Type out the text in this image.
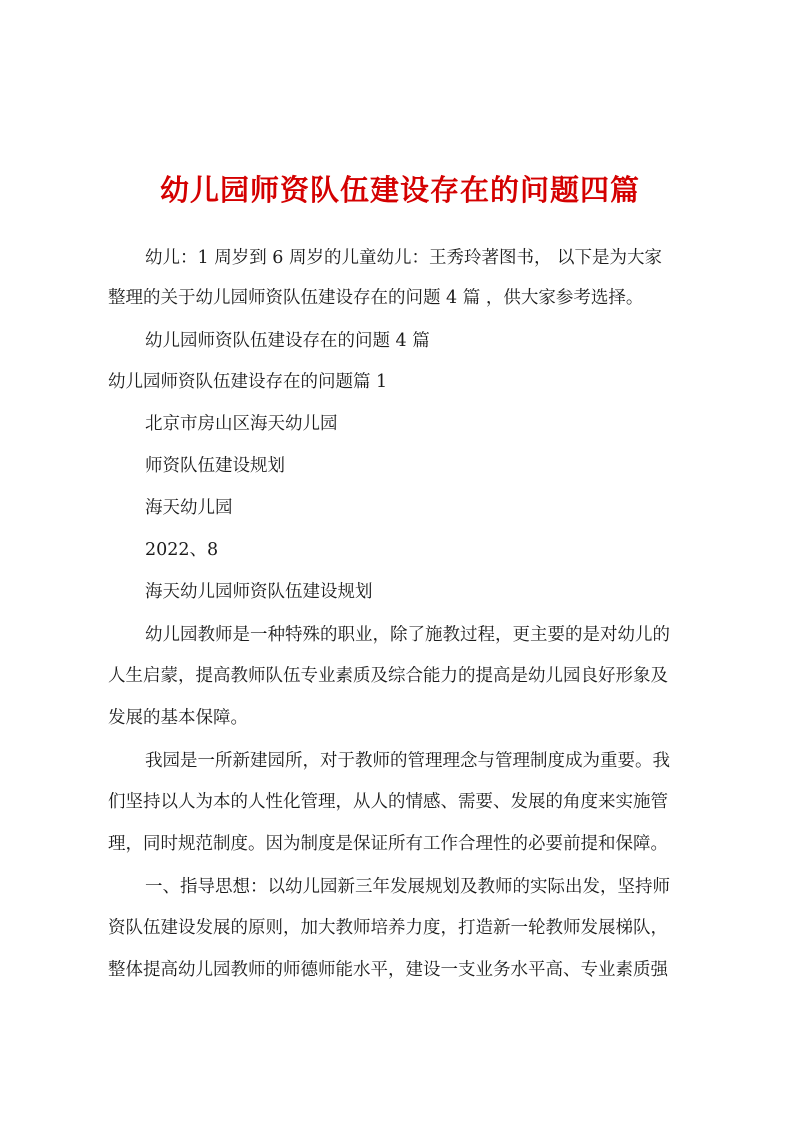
幼儿园师资队伍建设存在的问题四篇
幼儿：1 周岁到 6 周岁的儿童幼儿：王秀玲著图书， 以下是为大家
整理的关于幼儿园师资队伍建设存在的问题 4 篇 ，供大家参考选择。
幼儿园师资队伍建设存在的问题 4 篇
幼儿园师资队伍建设存在的问题篇 1
北京市房山区海天幼儿园
师资队伍建设规划
海天幼儿园
2022、8
海天幼儿园师资队伍建设规划
幼儿园教师是一种特殊的职业，除了施教过程，更主要的是对幼儿的
人生启蒙，提高教师队伍专业素质及综合能力的提高是幼儿园良好形象及
发展的基本保障。
我园是一所新建园所，对于教师的管理理念与管理制度成为重要。我
们坚持以人为本的人性化管理，从人的情感、需要、发展的角度来实施管
理，同时规范制度。因为制度是保证所有工作合理性的必要前提和保障。
一、指导思想：以幼儿园新三年发展规划及教师的实际出发，坚持师
资队伍建设发展的原则，加大教师培养力度，打造新一轮教师发展梯队，
整体提高幼儿园教师的师德师能水平，建设一支业务水平高、专业素质强
